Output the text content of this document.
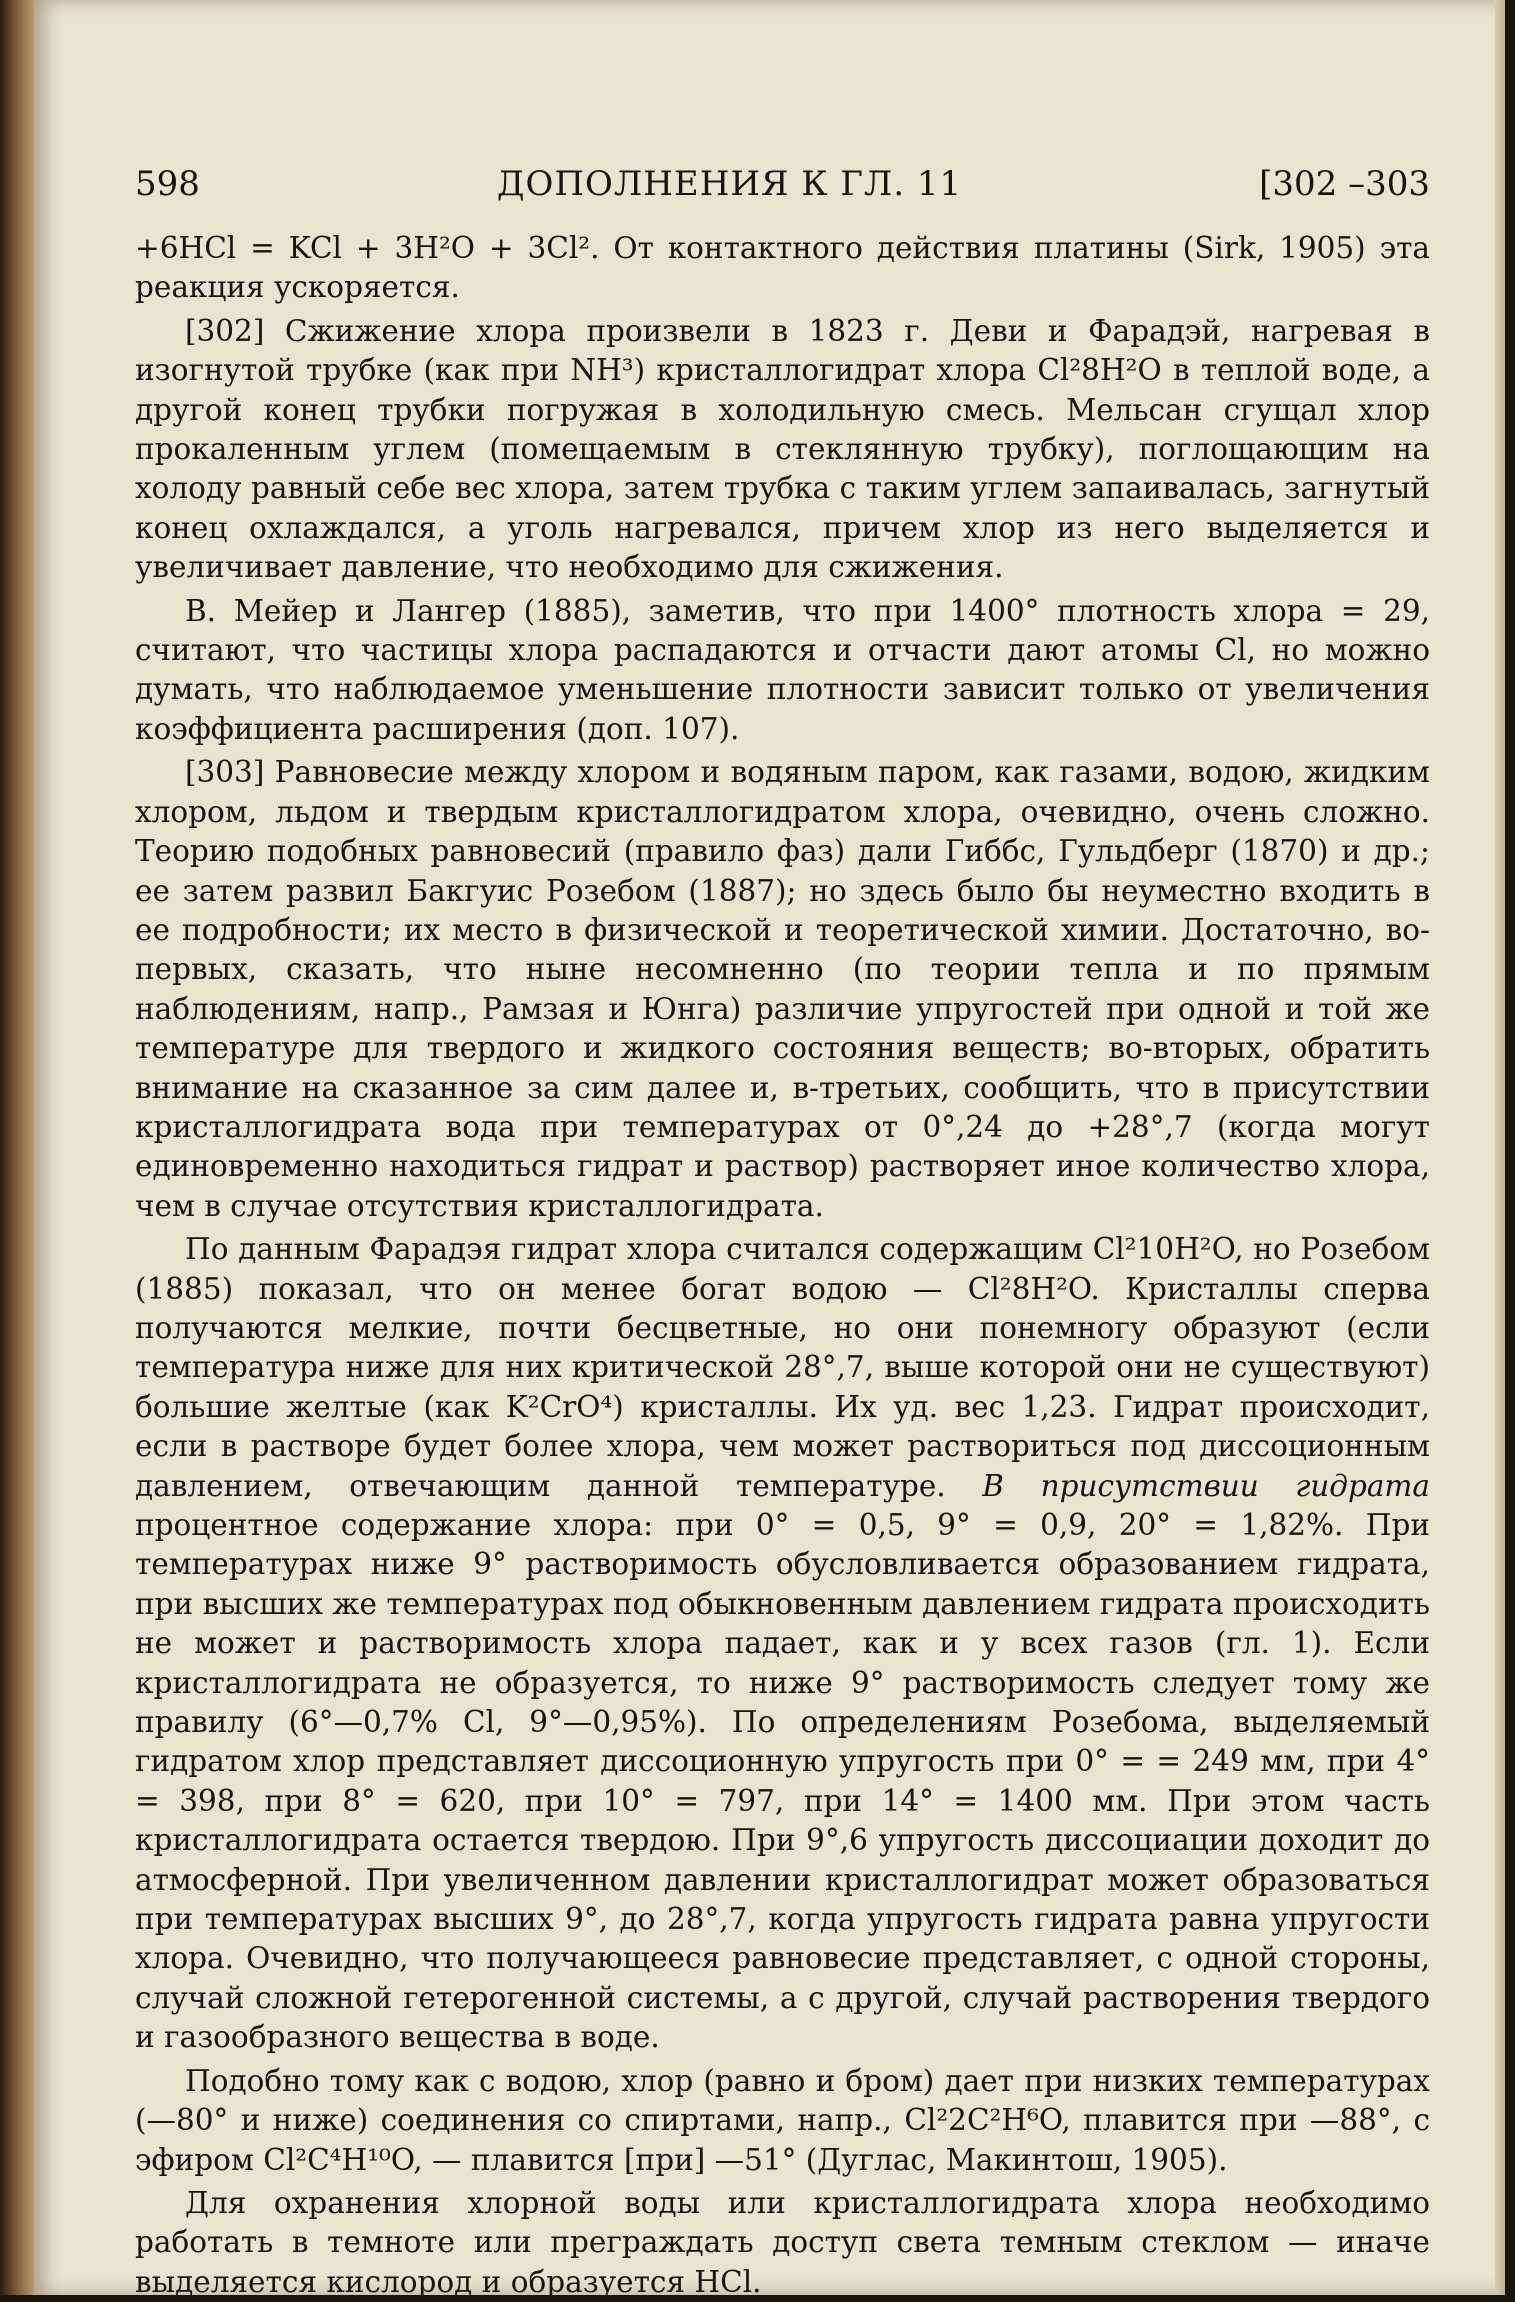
598	ДОПОЛНЕНИЯ К ГЛ. 11	[302 –303

+6HCl = KCl + 3H²O + 3Cl². От контактного действия платины (Sirk, 1905) эта реакция ускоряется.

[302] Сжижение хлора произвели в 1823 г. Деви и Фарадэй, нагревая в изогнутой трубке (как при NH³) кристаллогидрат хлора Cl²8H²O в теплой воде, а другой конец трубки погружая в холодильную смесь. Мельсан сгущал хлор прокаленным углем (помещаемым в стеклянную трубку), поглощающим на холоду равный себе вес хлора, затем трубка с таким углем запаивалась, загнутый конец охлаждался, а уголь нагревался, причем хлор из него выделяется и увеличивает давление, что необходимо для сжижения.

В. Мейер и Лангер (1885), заметив, что при 1400° плотность хлора = 29, считают, что частицы хлора распадаются и отчасти дают атомы Cl, но можно думать, что наблюдаемое уменьшение плотности зависит только от увеличения коэффициента расширения (доп. 107).

[303] Равновесие между хлором и водяным паром, как газами, водою, жидким хлором, льдом и твердым кристаллогидратом хлора, очевидно, очень сложно. Теорию подобных равновесий (правило фаз) дали Гиббс, Гульдберг (1870) и др.; ее затем развил Бакгуис Розебом (1887); но здесь было бы неуместно входить в ее подробности; их место в физической и теоретической химии. Достаточно, во-первых, сказать, что ныне несомненно (по теории тепла и по прямым наблюдениям, напр., Рамзая и Юнга) различие упругостей при одной и той же температуре для твердого и жидкого состояния веществ; во-вторых, обратить внимание на сказанное за сим далее и, в-третьих, сообщить, что в присутствии кристаллогидрата вода при температурах от 0°,24 до +28°,7 (когда могут единовременно находиться гидрат и раствор) растворяет иное количество хлора, чем в случае отсутствия кристаллогидрата.

По данным Фарадэя гидрат хлора считался содержащим Cl²10H²O, но Розебом (1885) показал, что он менее богат водою — Cl²8H²O. Кристаллы сперва получаются мелкие, почти бесцветные, но они понемногу образуют (если температура ниже для них критической 28°,7, выше которой они не существуют) большие желтые (как K²CrO⁴) кристаллы. Их уд. вес 1,23. Гидрат происходит, если в растворе будет более хлора, чем может раствориться под диссоционным давлением, отвечающим данной температуре. В присутствии гидрата процентное содержание хлора: при 0° = 0,5, 9° = 0,9, 20° = 1,82%. При температурах ниже 9° растворимость обусловливается образованием гидрата, при высших же температурах под обыкновенным давлением гидрата происходить не может и растворимость хлора падает, как и у всех газов (гл. 1). Если кристаллогидрата не образуется, то ниже 9° растворимость следует тому же правилу (6°—0,7% Cl, 9°—0,95%). По определениям Розебома, выделяемый гидратом хлор представляет диссоционную упругость при 0° = = 249 мм, при 4° = 398, при 8° = 620, при 10° = 797, при 14° = 1400 мм. При этом часть кристаллогидрата остается твердою. При 9°,6 упругость диссоциации доходит до атмосферной. При увеличенном давлении кристаллогидрат может образоваться при температурах высших 9°, до 28°,7, когда упругость гидрата равна упругости хлора. Очевидно, что получающееся равновесие представляет, с одной стороны, случай сложной гетерогенной системы, а с другой, случай растворения твердого и газообразного вещества в воде.

Подобно тому как с водою, хлор (равно и бром) дает при низких температурах (—80° и ниже) соединения со спиртами, напр., Cl²2C²H⁶O, плавится при —88°, с эфиром Cl²C⁴H¹⁰O, — плавится [при] —51° (Дуглас, Макинтош, 1905).

Для охранения хлорной воды или кристаллогидрата хлора необходимо работать в темноте или преграждать доступ света темным стеклом — иначе выделяется кислород и образуется HCl.
